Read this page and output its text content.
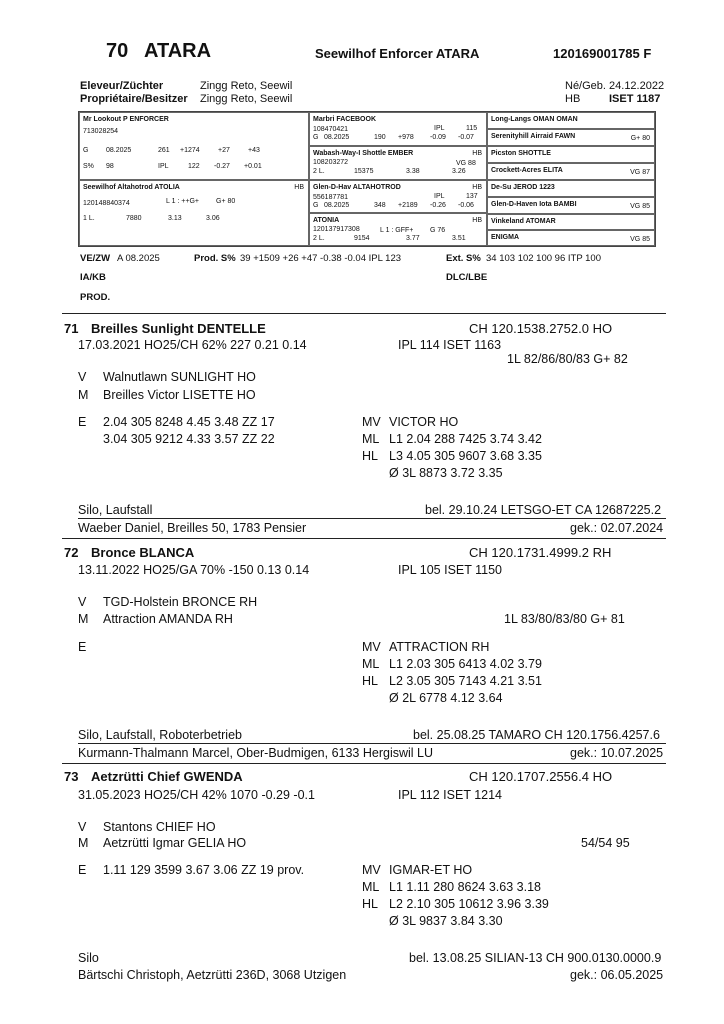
70 ATARA	Seewilhof Enforcer ATARA	120169001785 F
Eleveur/Züchter	Zingg Reto, Seewil
Propriétaire/Besitzer Zingg Reto, Seewil
Né/Geb. 24.12.2022
HB	ISET 1187
Mr Lookout P ENFORCER
713028254
G	08.2025	261 +1274	+27	+43
S% 98	IPL	122 -0.27 +0.01
Seewilhof Altahotrod ATOLIA	HB
120148840374	L 1 : ++G+ G+ 80
1 L.	7880	3.13	3.06
Marbri FACEBOOK
108470421	IPL	115
G 08.2025	190 +978 -0.09 -0.07
Wabash-Way-I Shottle EMBER	HB
108203272	VG 88
2 L.	15375	3.38	3.26
Glen-D-Hav ALTAHOTROD	HB
556187781	IPL	137
G 08.2025	348 +2189 -0.26 -0.06
ATONIA	HB
120137917308	L 1 : GFF+ G 76
2 L.	9154	3.77	3.51
Long-Langs OMAN OMAN
Serenityhill Airraid FAWN	G+ 80
Picston SHOTTLE
Crockett-Acres ELITA	VG 87
De-Su JEROD 1223
Glen-D-Haven Iota BAMBI	VG 85
Vinkeland ATOMAR
ENIGMA	VG 85
VE/ZW A 08.2025	Prod. S% 39 +1509 +26 +47 -0.38 -0.04 IPL 123	Ext. S% 34 103 102 100 96 ITP 100
IA/KB	DLC/LBE
PROD.
71 Breilles Sunlight DENTELLE	CH 120.1538.2752.0 HO
17.03.2021 HO25/CH 62% 227 0.21 0.14	IPL 114 ISET 1163
1L 82/86/80/83 G+ 82
V Walnutlawn SUNLIGHT HO
M Breilles Victor LISETTE HO
E 2.04 305 8248 4.45 3.48 ZZ 17
3.04 305 9212 4.33 3.57 ZZ 22
MV VICTOR HO
ML L1 2.04 288 7425 3.74 3.42
HL L3 4.05 305 9607 3.68 3.35
Ø 3L 8873 3.72 3.35
Silo, Laufstall	bel. 29.10.24 LETSGO-ET CA 12687225.2
Waeber Daniel, Breilles 50, 1783 Pensier	gek.: 02.07.2024
72 Bronce BLANCA	CH 120.1731.4999.2 RH
13.11.2022 HO25/GA 70% -150 0.13 0.14	IPL 105 ISET 1150
V TGD-Holstein BRONCE RH
M Attraction AMANDA RH	1L 83/80/83/80 G+ 81
E	MV ATTRACTION RH
ML L1 2.03 305 6413 4.02 3.79
HL L2 3.05 305 7143 4.21 3.51
Ø 2L 6778 4.12 3.64
Silo, Laufstall, Roboterbetrieb	bel. 25.08.25 TAMARO CH 120.1756.4257.6
Kurmann-Thalmann Marcel, Ober-Budmigen, 6133 Hergiswil LU	gek.: 10.07.2025
73 Aetzrütti Chief GWENDA	CH 120.1707.2556.4 HO
31.05.2023 HO25/CH 42% 1070 -0.29 -0.1	IPL 112 ISET 1214
V Stantons CHIEF HO
M Aetzrütti Igmar GELIA HO	54/54 95
E 1.11 129 3599 3.67 3.06 ZZ 19 prov.	MV IGMAR-ET HO
ML L1 1.11 280 8624 3.63 3.18
HL L2 2.10 305 10612 3.96 3.39
Ø 3L 9837 3.84 3.30
Silo	bel. 13.08.25 SILIAN-13 CH 900.0130.0000.9
Bärtschi Christoph, Aetzrütti 236D, 3068 Utzigen	gek.: 06.05.2025
